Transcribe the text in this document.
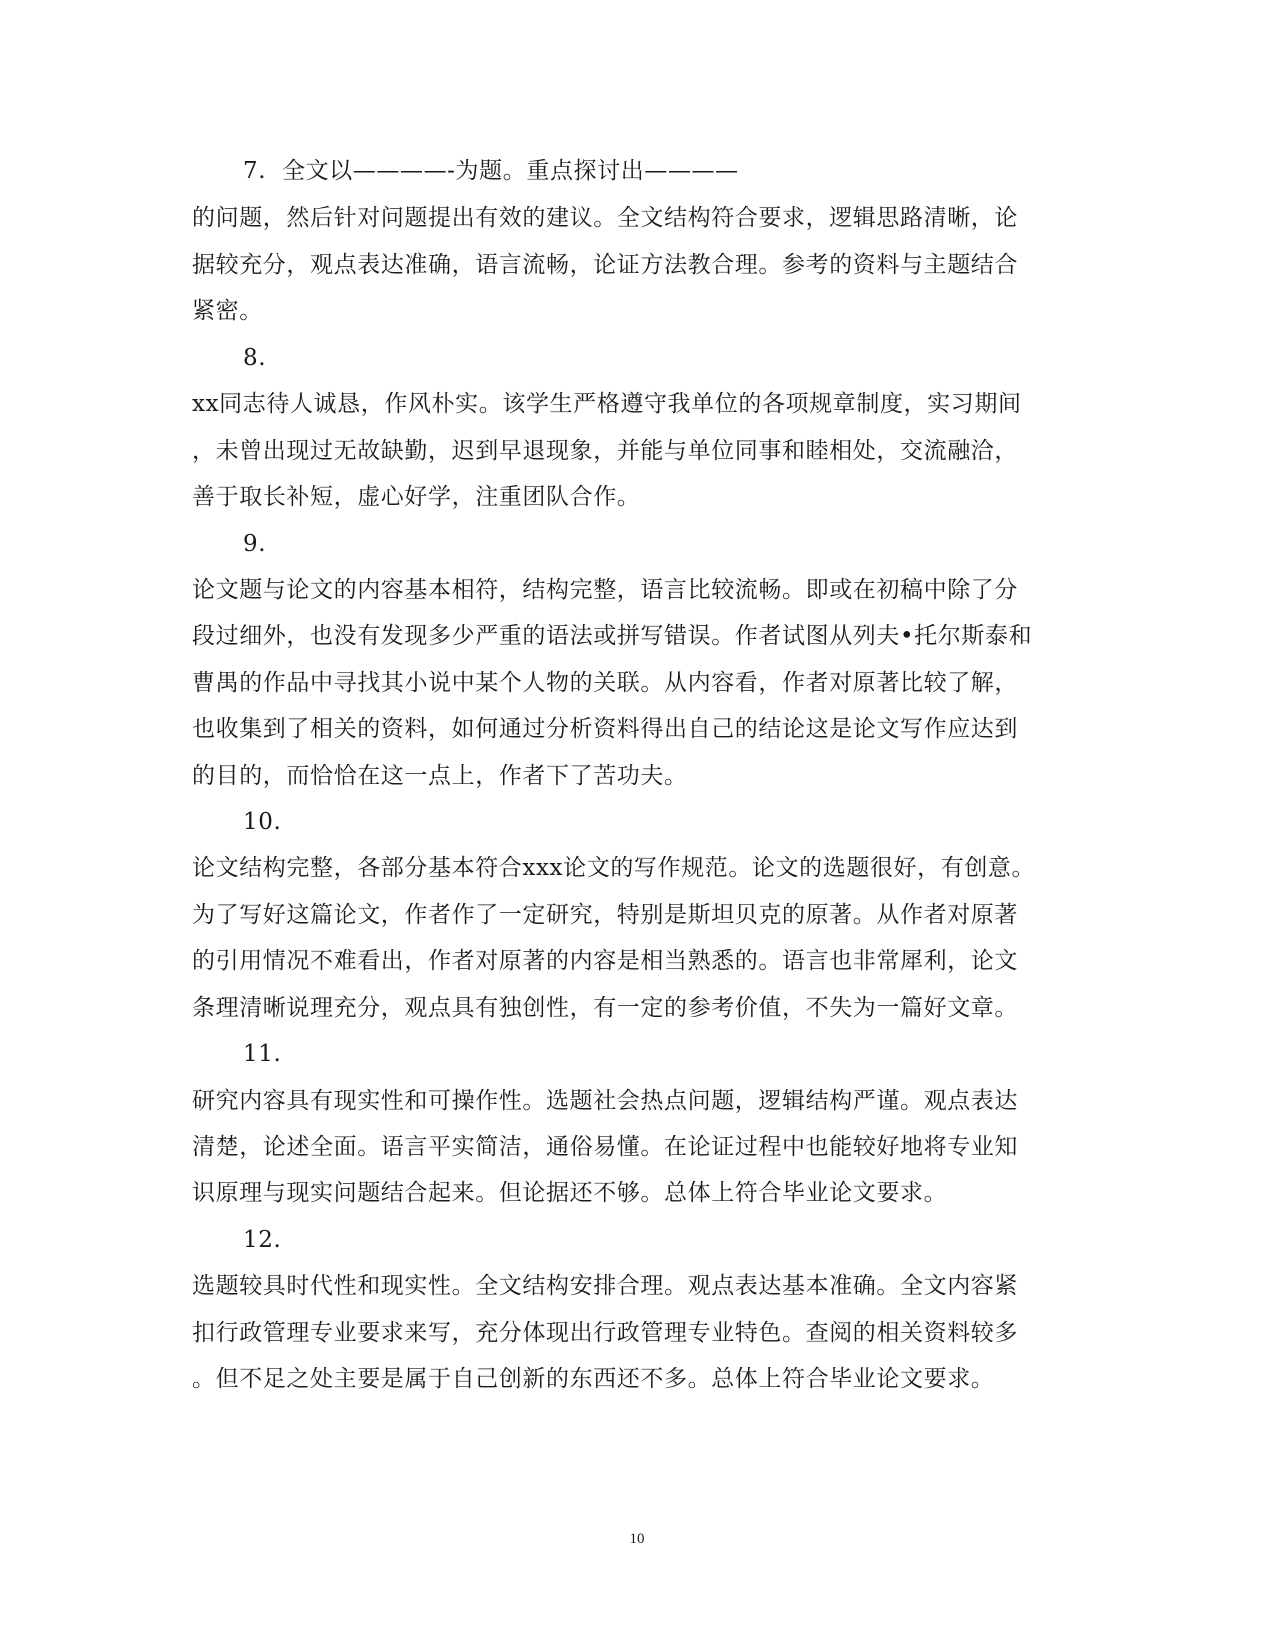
7. 全文以————-为题。重点探讨出————
的问题，然后针对问题提出有效的建议。全文结构符合要求，逻辑思路清晰，论
据较充分，观点表达准确，语言流畅，论证方法教合理。参考的资料与主题结合
紧密。
8.
xx同志待人诚恳，作风朴实。该学生严格遵守我单位的各项规章制度，实习期间
，未曾出现过无故缺勤，迟到早退现象，并能与单位同事和睦相处，交流融洽，
善于取长补短，虚心好学，注重团队合作。
9.
论文题与论文的内容基本相符，结构完整，语言比较流畅。即或在初稿中除了分
段过细外，也没有发现多少严重的语法或拼写错误。作者试图从列夫•托尔斯泰和
曹禺的作品中寻找其小说中某个人物的关联。从内容看，作者对原著比较了解，
也收集到了相关的资料，如何通过分析资料得出自己的结论这是论文写作应达到
的目的，而恰恰在这一点上，作者下了苦功夫。
10.
论文结构完整，各部分基本符合xxx论文的写作规范。论文的选题很好，有创意。
为了写好这篇论文，作者作了一定研究，特别是斯坦贝克的原著。从作者对原著
的引用情况不难看出，作者对原著的内容是相当熟悉的。语言也非常犀利，论文
条理清晰说理充分，观点具有独创性，有一定的参考价值，不失为一篇好文章。
11.
研究内容具有现实性和可操作性。选题社会热点问题，逻辑结构严谨。观点表达
清楚，论述全面。语言平实简洁，通俗易懂。在论证过程中也能较好地将专业知
识原理与现实问题结合起来。但论据还不够。总体上符合毕业论文要求。
12.
选题较具时代性和现实性。全文结构安排合理。观点表达基本准确。全文内容紧
扣行政管理专业要求来写，充分体现出行政管理专业特色。查阅的相关资料较多
。但不足之处主要是属于自己创新的东西还不多。总体上符合毕业论文要求。
10
